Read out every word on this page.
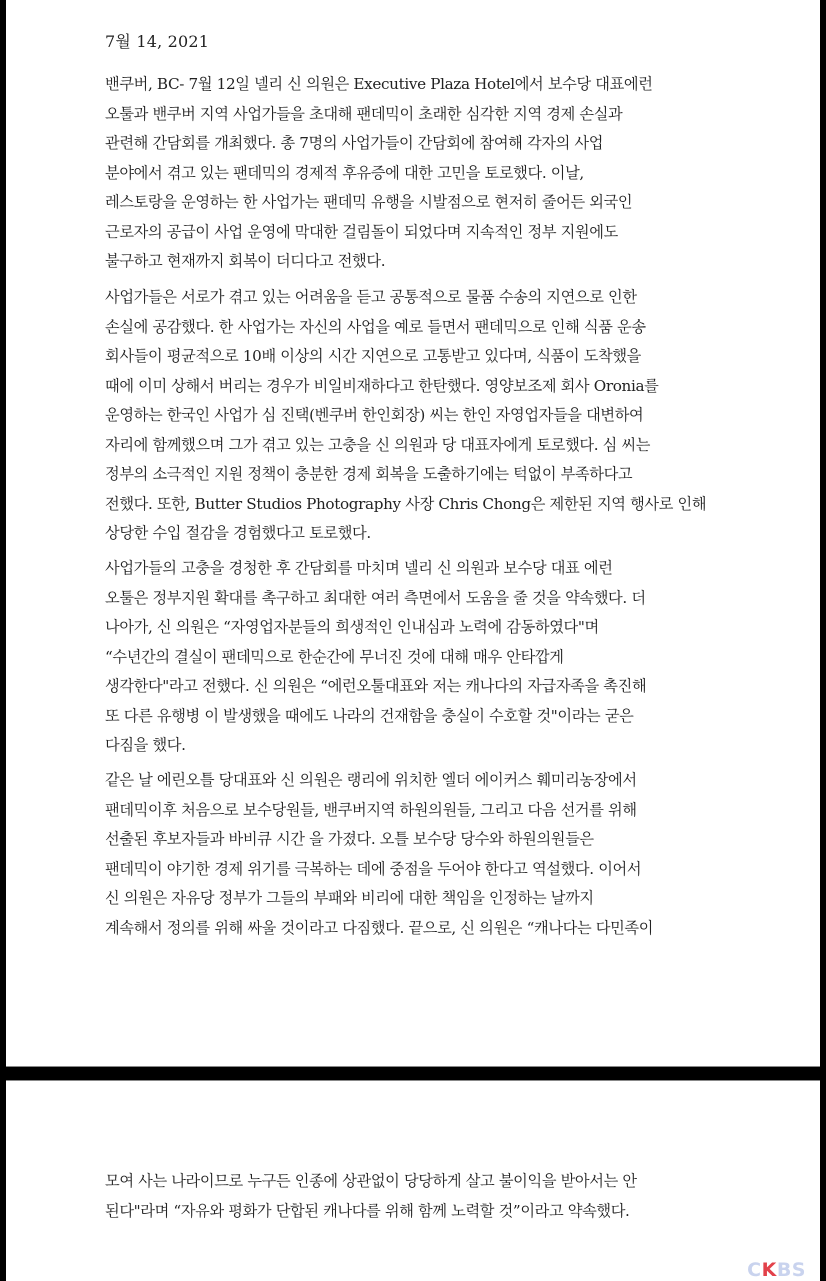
7월 14, 2021
밴쿠버, BC- 7월 12일 넬리 신 의원은 Executive Plaza Hotel에서 보수당 대표에런
오툴과 밴쿠버 지역 사업가들을 초대해 팬데믹이 초래한 심각한 지역 경제 손실과
관련해 간담회를 개최했다. 총 7명의 사업가들이 간담회에 참여해 각자의 사업
분야에서 겪고 있는 팬데믹의 경제적 후유증에 대한 고민을 토로했다. 이날,
레스토랑을 운영하는 한 사업가는 팬데믹 유행을 시발점으로 현저히 줄어든 외국인
근로자의 공급이 사업 운영에 막대한 걸림돌이 되었다며 지속적인 정부 지원에도
불구하고 현재까지 회복이 더디다고 전했다.
사업가들은 서로가 겪고 있는 어려움을 듣고 공통적으로 물품 수송의 지연으로 인한
손실에 공감했다. 한 사업가는 자신의 사업을 예로 들면서 팬데믹으로 인해 식품 운송
회사들이 평균적으로 10배 이상의 시간 지연으로 고통받고 있다며, 식품이 도착했을
때에 이미 상해서 버리는 경우가 비일비재하다고 한탄했다. 영양보조제 회사 Oronia를
운영하는 한국인 사업가 심 진택(벤쿠버 한인회장) 씨는 한인 자영업자들을 대변하여
자리에 함께했으며 그가 겪고 있는 고충을 신 의원과 당 대표자에게 토로했다. 심 씨는
정부의 소극적인 지원 정책이 충분한 경제 회복을 도출하기에는 턱없이 부족하다고
전했다. 또한, Butter Studios Photography 사장 Chris Chong은 제한된 지역 행사로 인해
상당한 수입 절감을 경험했다고 토로했다.
사업가들의 고충을 경청한 후 간담회를 마치며 넬리 신 의원과 보수당 대표 에런
오툴은 정부지원 확대를 촉구하고 최대한 여러 측면에서 도움을 줄 것을 약속했다. 더
나아가, 신 의원은 “자영업자분들의 희생적인 인내심과 노력에 감동하였다"며
“수년간의 결실이 팬데믹으로 한순간에 무너진 것에 대해 매우 안타깝게
생각한다"라고 전했다. 신 의원은 “에런오툴대표와 저는 캐나다의 자급자족을 촉진해
또 다른 유행병 이 발생했을 때에도 나라의 건재함을 충실이 수호할 것"이라는 굳은
다짐을 했다.
같은 날 에린오틀 당대표와 신 의원은 랭리에 위치한 엘더 에이커스 훼미리농장에서
팬데믹이후 처음으로 보수당원들, 밴쿠버지역 하원의원들, 그리고 다음 선거를 위해
선출된 후보자들과 바비큐 시간 을 가졌다. 오틀 보수당 당수와 하원의원들은
팬데믹이 야기한 경제 위기를 극복하는 데에 중점을 두어야 한다고 역설했다. 이어서
신 의원은 자유당 정부가 그들의 부패와 비리에 대한 책임을 인정하는 날까지
계속해서 정의를 위해 싸울 것이라고 다짐했다. 끝으로, 신 의원은 “캐나다는 다민족이
모여 사는 나라이므로 누구든 인종에 상관없이 당당하게 살고 불이익을 받아서는 안
된다"라며 “자유와 평화가 단합된 캐나다를 위해 함께 노력할 것”이라고 약속했다.
CKBS
